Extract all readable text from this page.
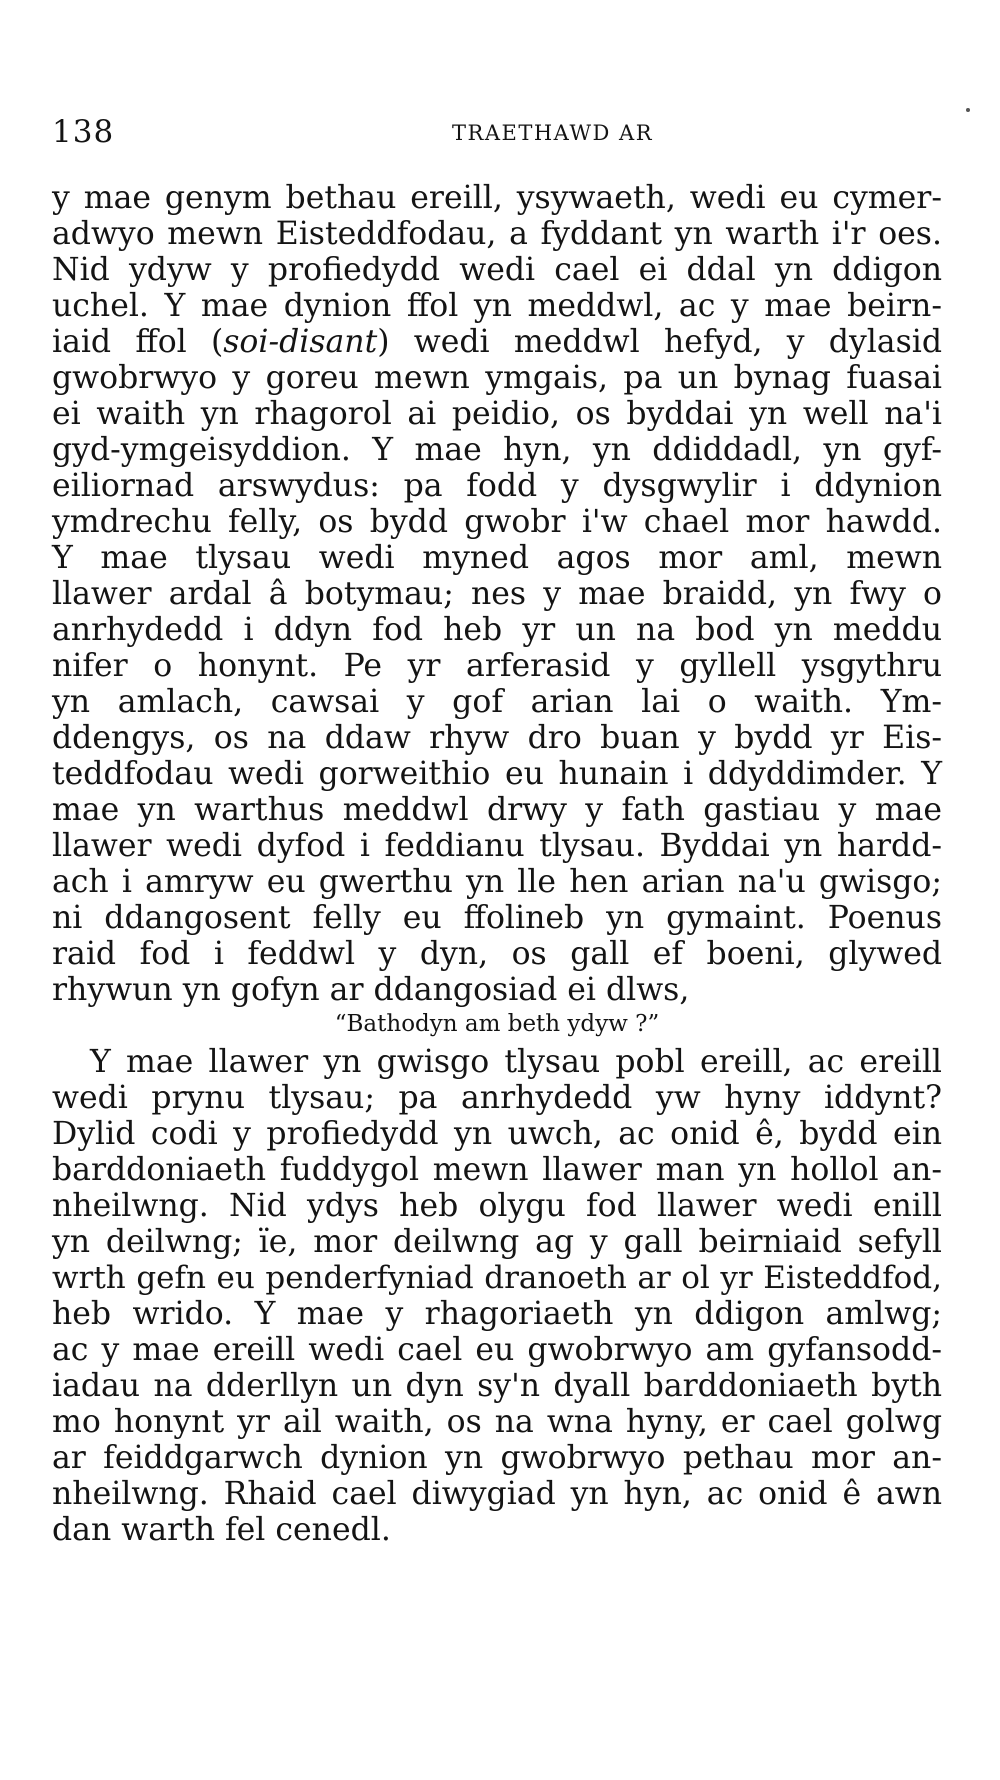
138	TRAETHAWD AR
y mae genym bethau ereill, ysywaeth, wedi eu cymer-
adwyo mewn Eisteddfodau, a fyddant yn warth i'r oes.
Nid ydyw y profiedydd wedi cael ei ddal yn ddigon
uchel. Y mae dynion ffol yn meddwl, ac y mae beirn-
iaid ffol (soi-disant) wedi meddwl hefyd, y dylasid
gwobrwyo y goreu mewn ymgais, pa un bynag fuasai
ei waith yn rhagorol ai peidio, os byddai yn well na'i
gyd-ymgeisyddion. Y mae hyn, yn ddiddadl, yn gyf-
eiliornad arswydus: pa fodd y dysgwylir i ddynion
ymdrechu felly, os bydd gwobr i'w chael mor hawdd.
Y mae tlysau wedi myned agos mor aml, mewn
llawer ardal â botymau; nes y mae braidd, yn fwy o
anrhydedd i ddyn fod heb yr un na bod yn meddu
nifer o honynt. Pe yr arferasid y gyllell ysgythru
yn amlach, cawsai y gof arian lai o waith. Ym-
ddengys, os na ddaw rhyw dro buan y bydd yr Eis-
teddfodau wedi gorweithio eu hunain i ddyddimder. Y
mae yn warthus meddwl drwy y fath gastiau y mae
llawer wedi dyfod i feddianu tlysau. Byddai yn hardd-
ach i amryw eu gwerthu yn lle hen arian na'u gwisgo;
ni ddangosent felly eu ffolineb yn gymaint. Poenus
raid fod i feddwl y dyn, os gall ef boeni, glywed
rhywun yn gofyn ar ddangosiad ei dlws,
“Bathodyn am beth ydyw ?”
Y mae llawer yn gwisgo tlysau pobl ereill, ac ereill
wedi prynu tlysau; pa anrhydedd yw hyny iddynt?
Dylid codi y profiedydd yn uwch, ac onid ê, bydd ein
barddoniaeth fuddygol mewn llawer man yn hollol an-
nheilwng. Nid ydys heb olygu fod llawer wedi enill
yn deilwng; ïe, mor deilwng ag y gall beirniaid sefyll
wrth gefn eu penderfyniad dranoeth ar ol yr Eisteddfod,
heb wrido. Y mae y rhagoriaeth yn ddigon amlwg;
ac y mae ereill wedi cael eu gwobrwyo am gyfansodd-
iadau na dderllyn un dyn sy'n dyall barddoniaeth byth
mo honynt yr ail waith, os na wna hyny, er cael golwg
ar feiddgarwch dynion yn gwobrwyo pethau mor an-
nheilwng. Rhaid cael diwygiad yn hyn, ac onid ê awn
dan warth fel cenedl.
